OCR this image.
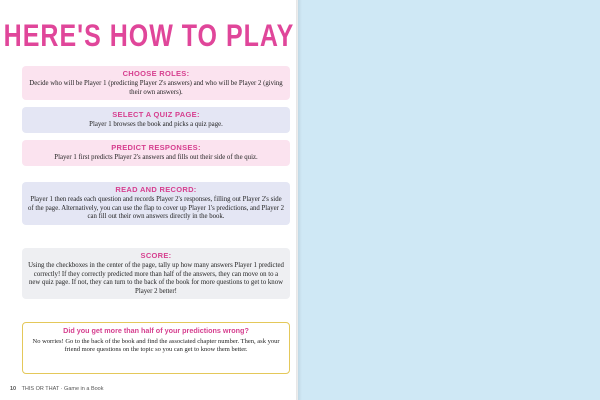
HERE'S HOW TO PLAY
CHOOSE ROLES:

Decide who will be Player 1 (predicting Player 2's answers) and who will be Player 2 (giving their own answers).

SELECT A QUIZ PAGE:

Player 1 browses the book and picks a quiz page.

PREDICT RESPONSES:

Player 1 first predicts Player 2's answers and fills out their side of the quiz.

READ AND RECORD:

Player 1 then reads each question and records Player 2's responses, filling out Player 2's side of the page. Alternatively, you can use the flap to cover up Player 1's predictions, and Player 2 can fill out their own answers directly in the book.

SCORE:

Using the checkboxes in the center of the page, tally up how many answers Player 1 predicted correctly! If they correctly predicted more than half of the answers, they can move on to a new quiz page. If not, they can turn to the back of the book for more questions to get to know Player 2 better!

Did you get more than half of your predictions wrong?

No worries! Go to the back of the book and find the associated chapter number. Then, ask your friend more questions on the topic so you can get to know them better.

10 THIS OR THAT · Game in a Book
